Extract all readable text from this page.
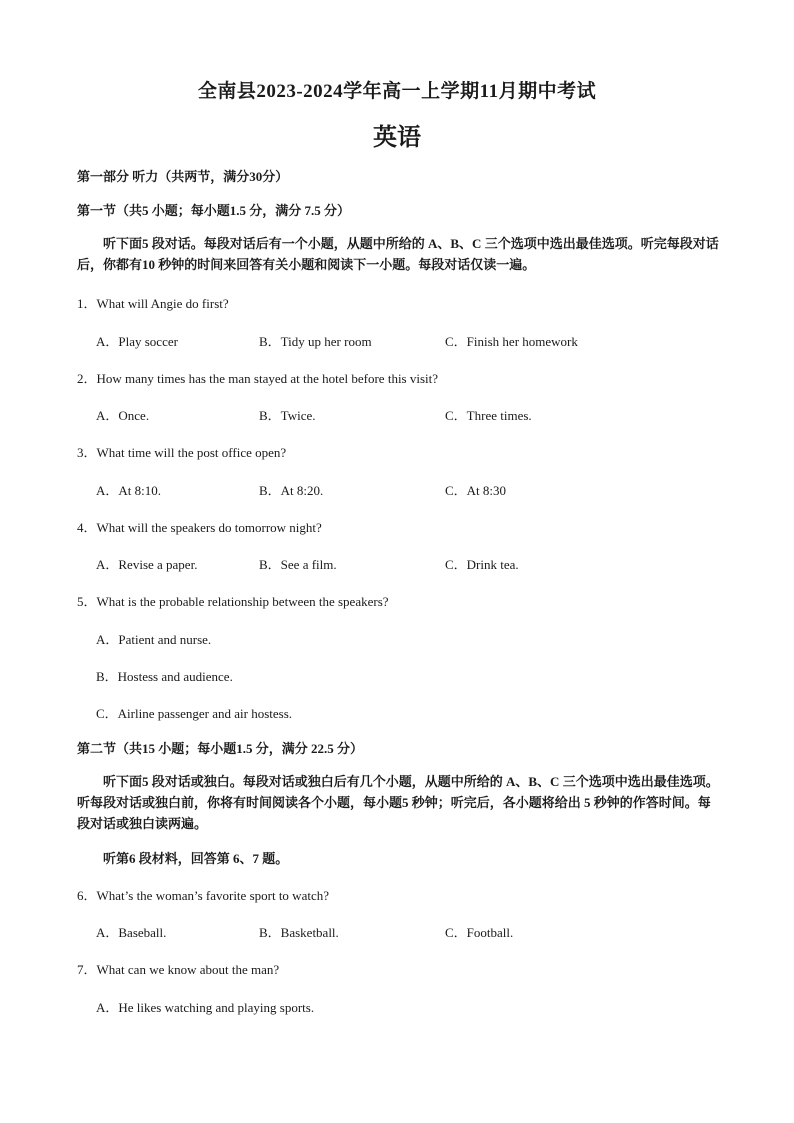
全南县2023-2024学年高一上学期11月期中考试
英语
第一部分 听力（共两节，满分30分）
第一节（共5 小题；每小题1.5 分，满分 7.5 分）

听下面5 段对话。每段对话后有一个小题，从题中所给的 A、B、C 三个选项中选出最佳选项。听完每段对话后，你都有10 秒钟的时间来回答有关小题和阅读下一小题。每段对话仅读一遍。

1．What will Angie do first?
A．Play soccer	B．Tidy up her room	C．Finish her homework
2．How many times has the man stayed at the hotel before this visit?
A．Once.	B．Twice.	C．Three times.
3．What time will the post office open?
A．At 8:10.	B．At 8:20.	C．At 8:30
4．What will the speakers do tomorrow night?
A．Revise a paper.	B．See a film.	C．Drink tea.
5．What is the probable relationship between the speakers?
A．Patient and nurse.
B．Hostess and audience.
C．Airline passenger and air hostess.
第二节（共15 小题；每小题1.5 分，满分 22.5 分）

听下面5 段对话或独白。每段对话或独白后有几个小题，从题中所给的 A、B、C 三个选项中选出最佳选项。听每段对话或独白前，你将有时间阅读各个小题，每小题5 秒钟；听完后，各小题将给出 5 秒钟的作答时间。每段对话或独白读两遍。

听第6 段材料，回答第 6、7 题。
6．What’s the woman’s favorite sport to watch?
A．Baseball.	B．Basketball.	C．Football.
7．What can we know about the man?
A．He likes watching and playing sports.
